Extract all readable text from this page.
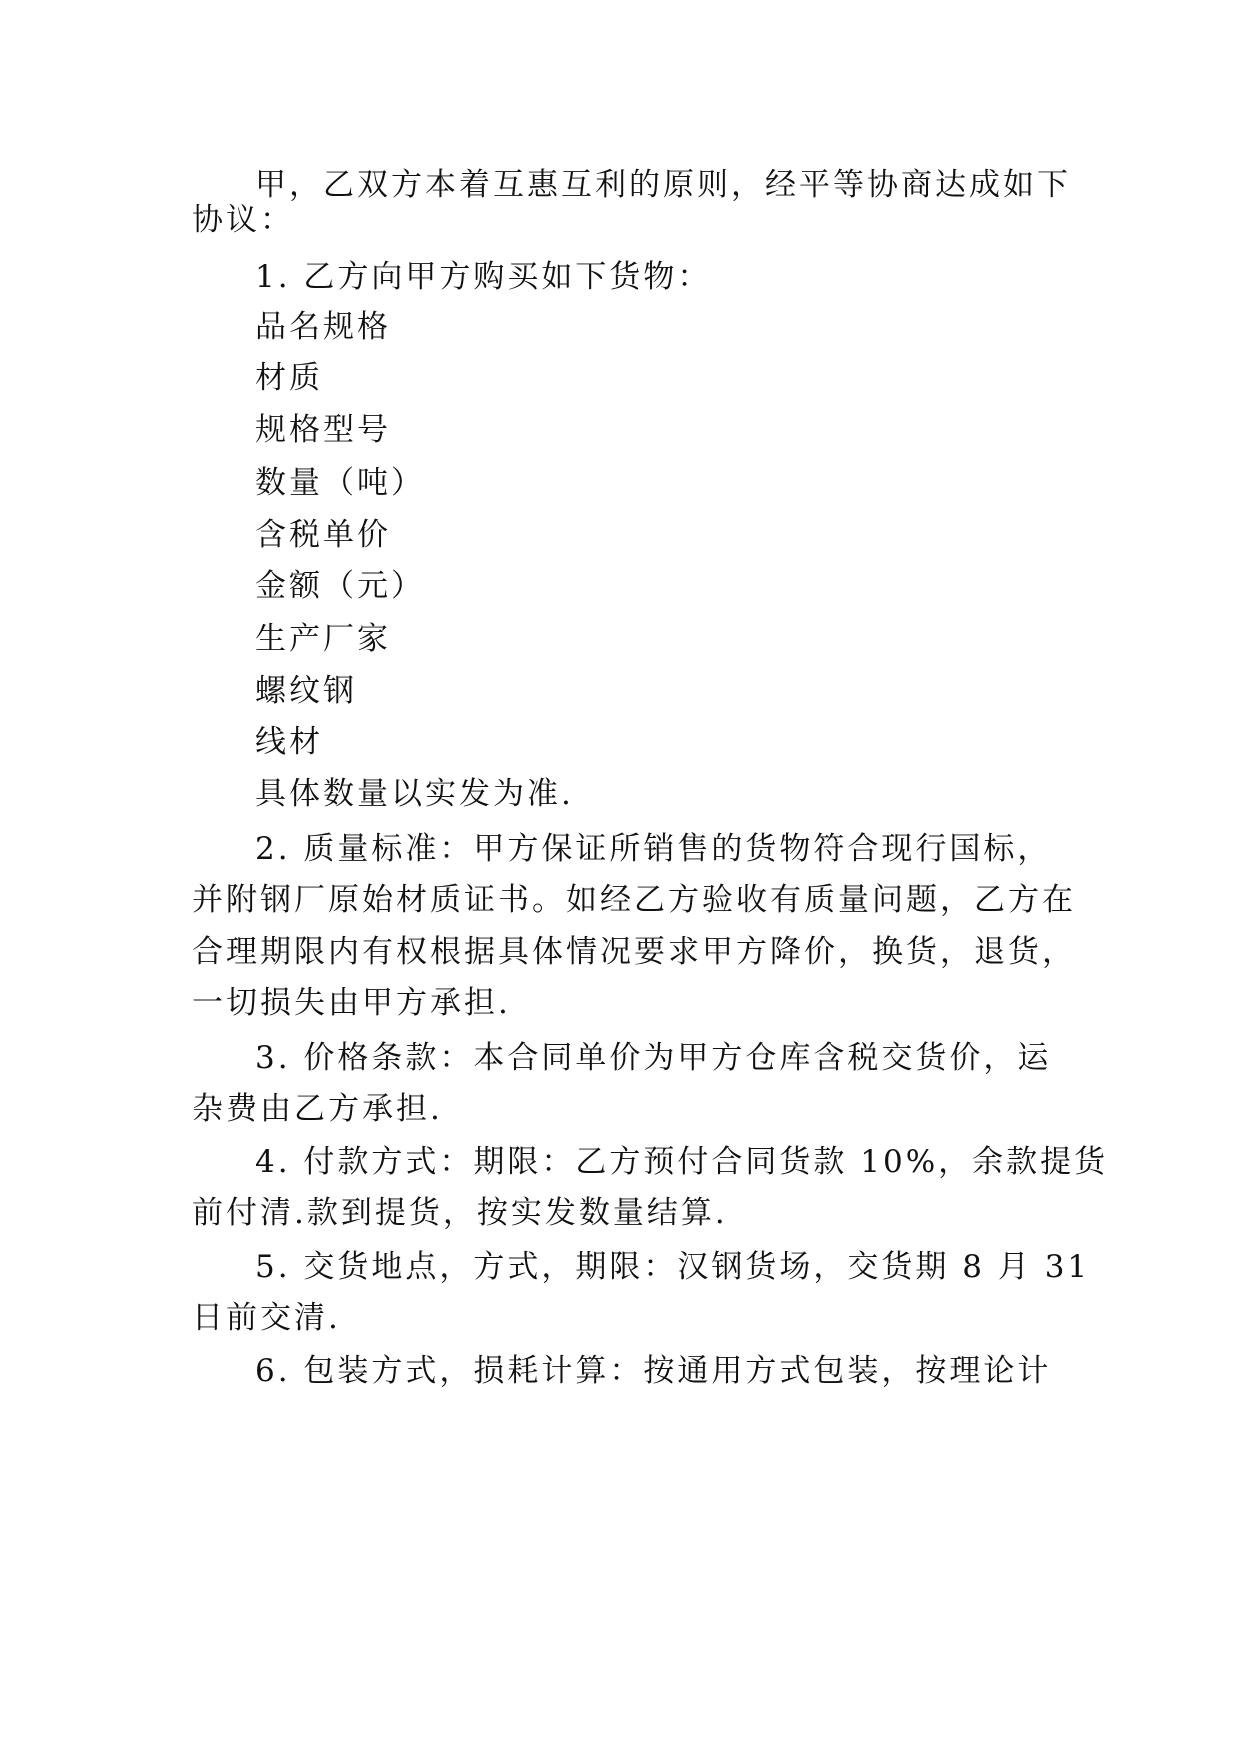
甲，乙双方本着互惠互利的原则，经平等协商达成如下

协议：

1. 乙方向甲方购买如下货物：

品名规格

材质

规格型号

数量（吨）

含税单价

金额（元）

生产厂家

螺纹钢

线材

具体数量以实发为准.

2. 质量标准：甲方保证所销售的货物符合现行国标，

并附钢厂原始材质证书。如经乙方验收有质量问题，乙方在

合理期限内有权根据具体情况要求甲方降价，换货，退货，

一切损失由甲方承担.

3. 价格条款：本合同单价为甲方仓库含税交货价，运

杂费由乙方承担.

4. 付款方式：期限：乙方预付合同货款 10%，余款提货

前付清.款到提货，按实发数量结算.

5. 交货地点，方式，期限：汉钢货场，交货期 8 月 31

日前交清.

6. 包装方式，损耗计算：按通用方式包装，按理论计
